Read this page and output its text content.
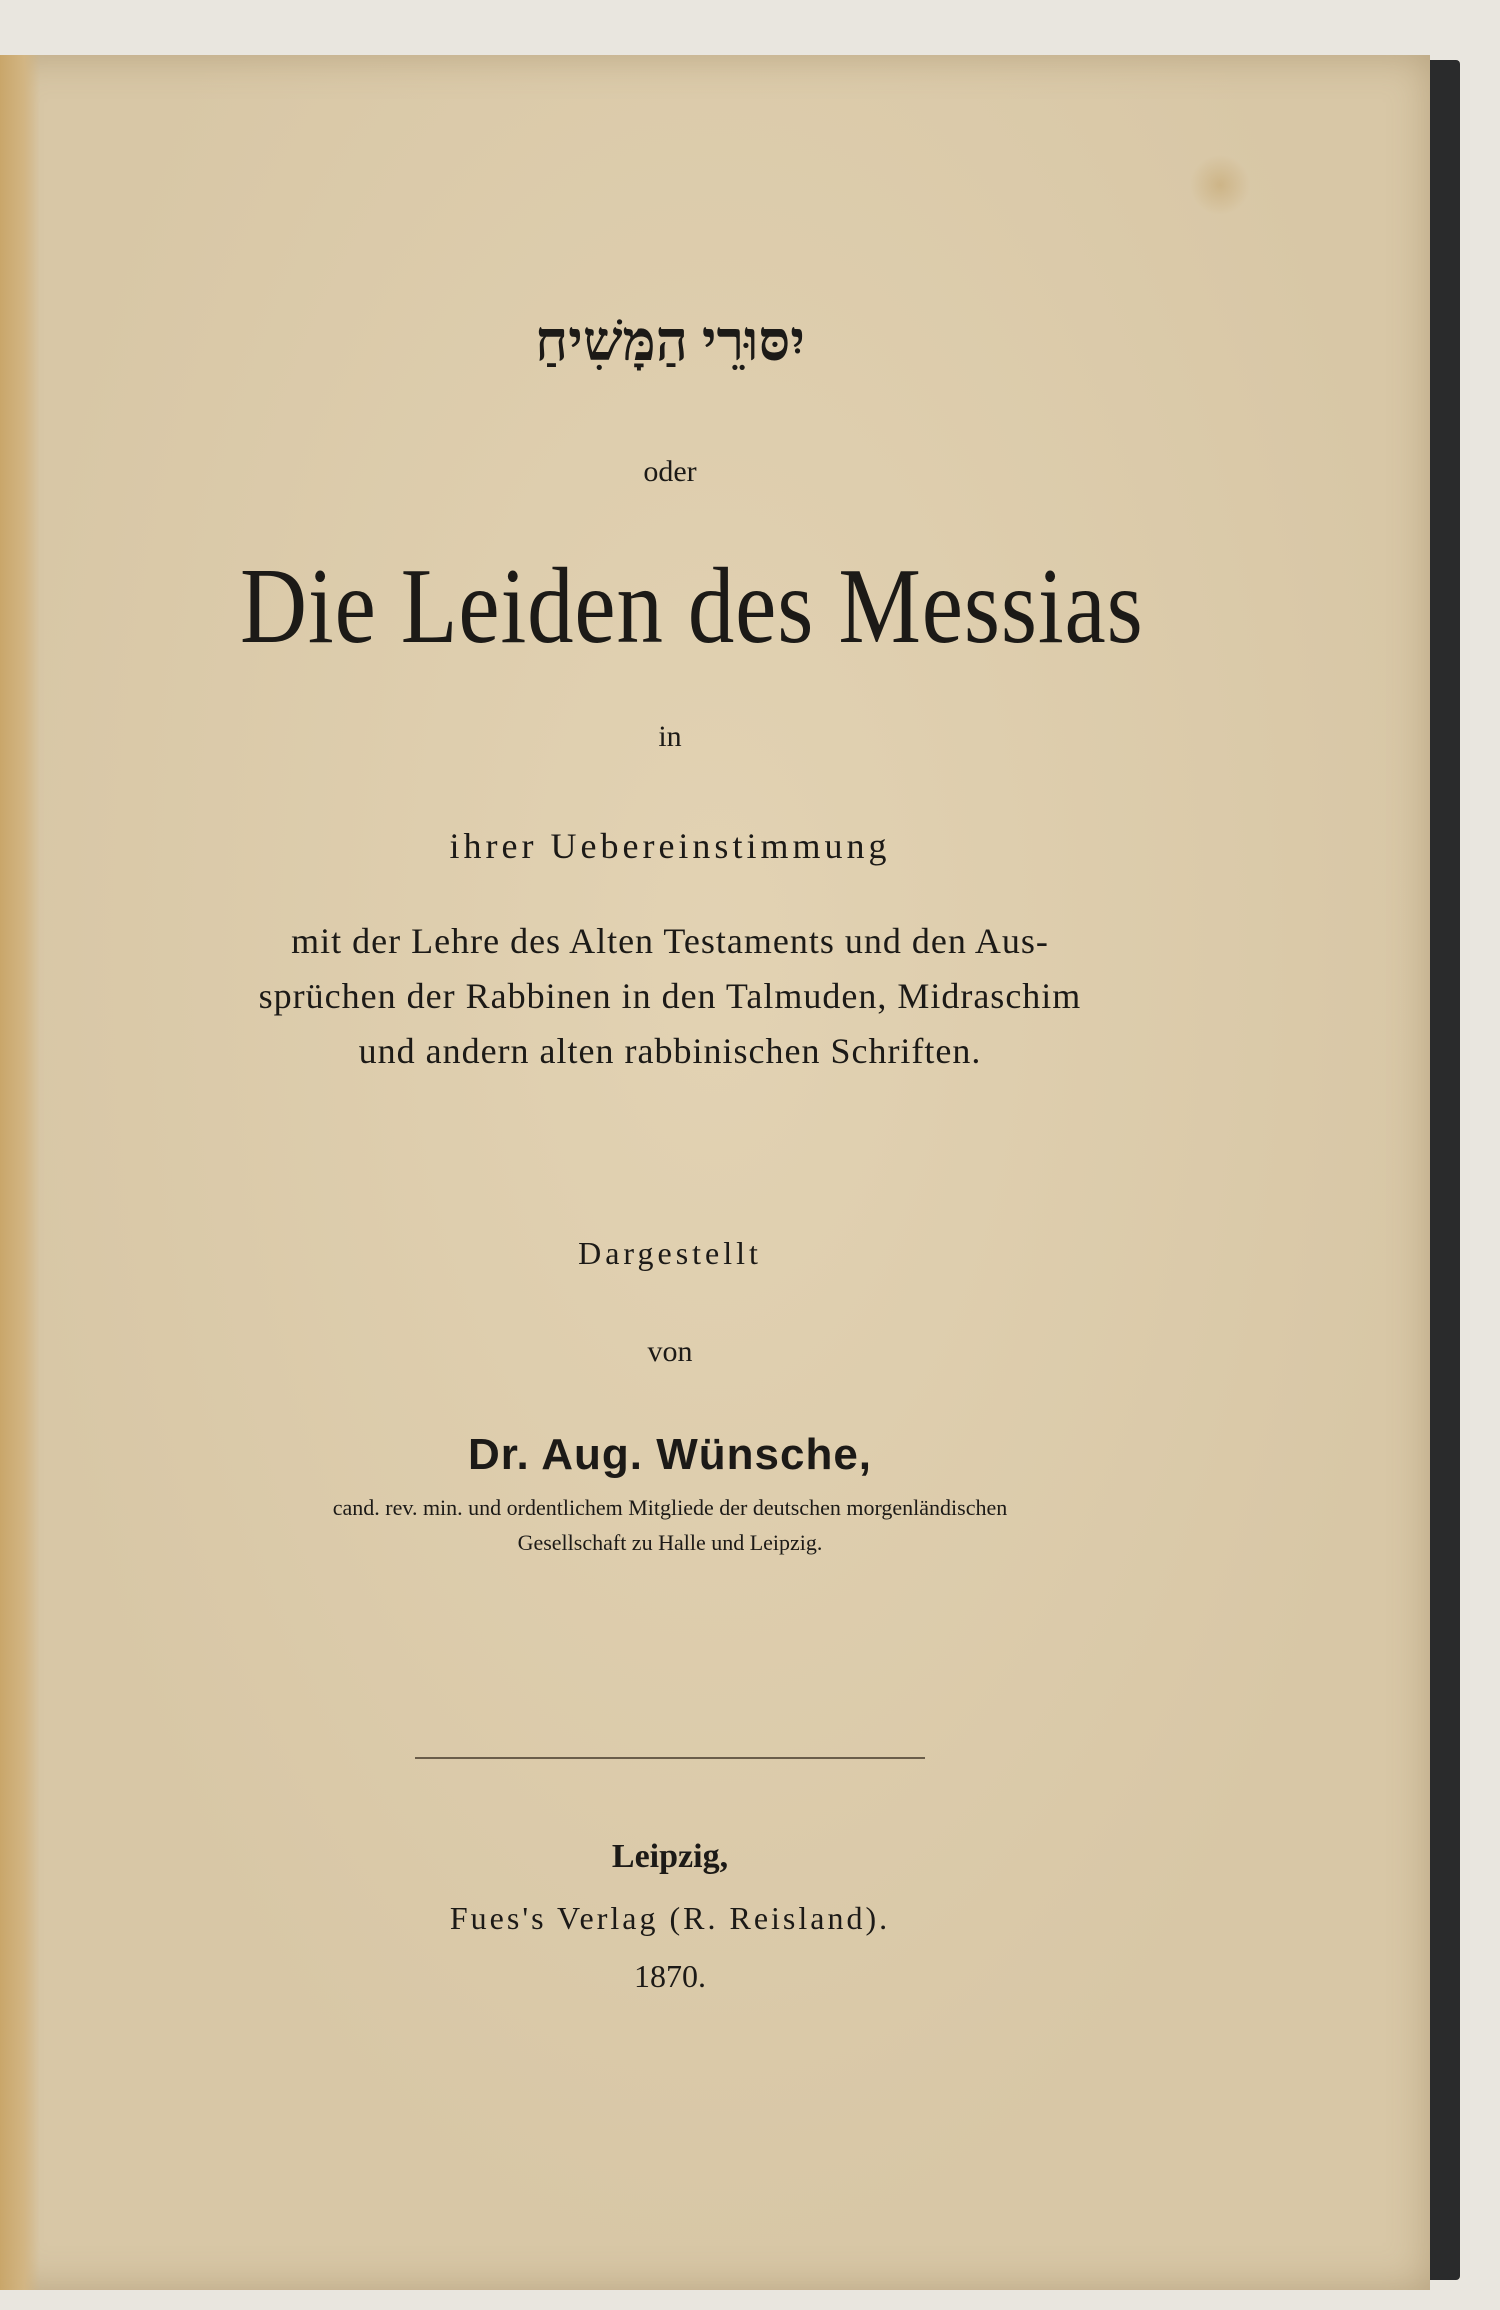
יִסּוּרֵי הַמָּשִׁיחַ
oder
Die Leiden des Messias
in
ihrer Uebereinstimmung
mit der Lehre des Alten Testaments und den Aus-
sprüchen der Rabbinen in den Talmuden, Midraschim
und andern alten rabbinischen Schriften.
Dargestellt
von
Dr. Aug. Wünsche,
cand. rev. min. und ordentlichem Mitgliede der deutschen morgenländischen
Gesellschaft zu Halle und Leipzig.
Leipzig,
Fues's Verlag (R. Reisland).
1870.
